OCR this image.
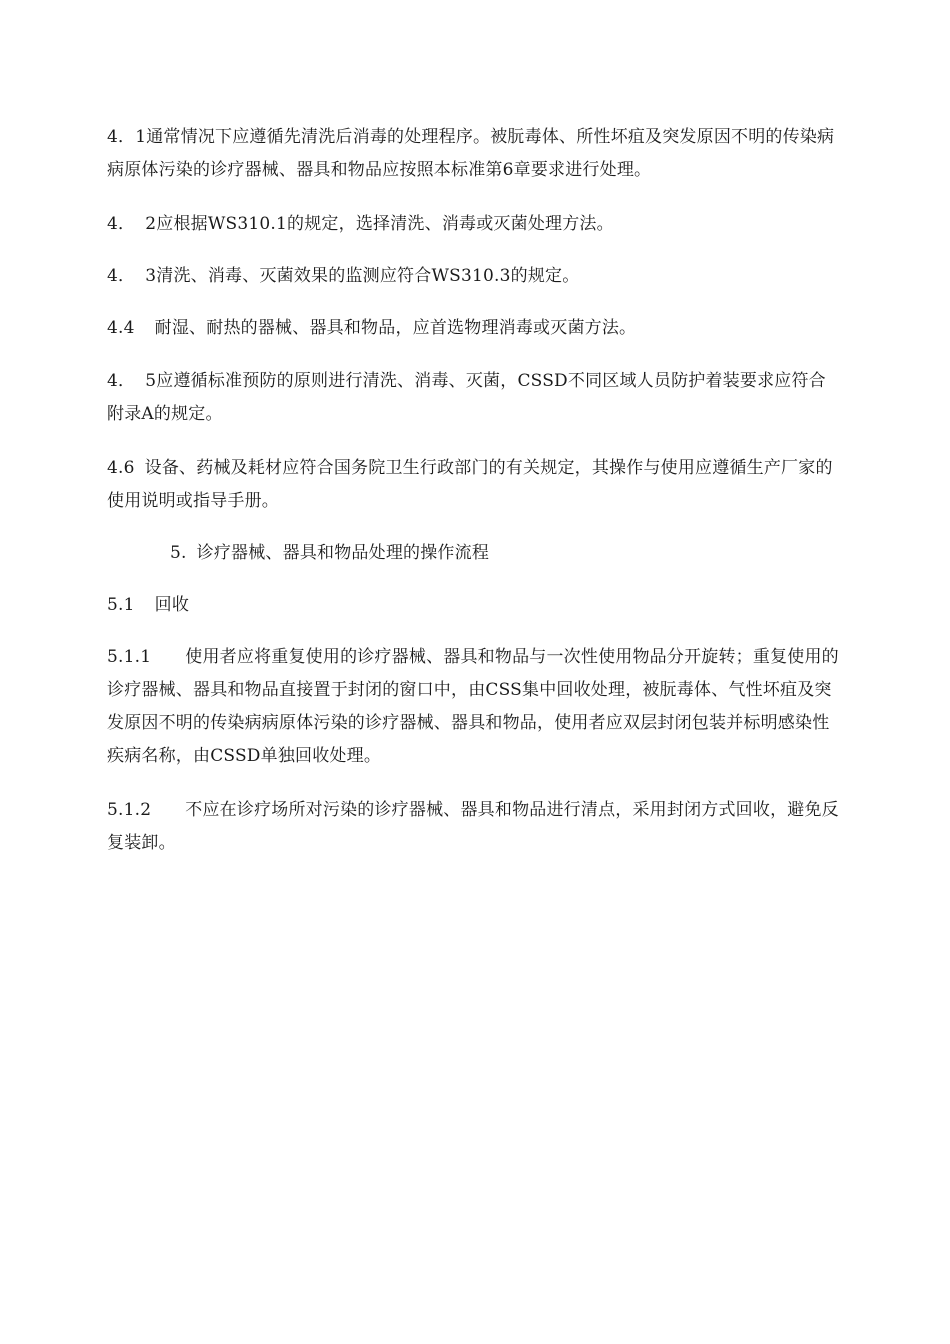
4．1通常情况下应遵循先清洗后消毒的处理程序。被朊毒体、所性坏疽及突发原因不明的传染病病原体污染的诊疗器械、器具和物品应按照本标准第6章要求进行处理。

4． 2应根据WS310.1的规定，选择清洗、消毒或灭菌处理方法。

4． 3清洗、消毒、灭菌效果的监测应符合WS310.3的规定。

4.4 耐湿、耐热的器械、器具和物品，应首选物理消毒或灭菌方法。

4． 5应遵循标准预防的原则进行清洗、消毒、灭菌，CSSD不同区域人员防护着装要求应符合附录A的规定。

4.6 设备、药械及耗材应符合国务院卫生行政部门的有关规定，其操作与使用应遵循生产厂家的使用说明或指导手册。

5. 诊疗器械、器具和物品处理的操作流程

5.1 回收

5.1.1 使用者应将重复使用的诊疗器械、器具和物品与一次性使用物品分开旋转；重复使用的诊疗器械、器具和物品直接置于封闭的窗口中，由CSS集中回收处理，被朊毒体、气性坏疽及突发原因不明的传染病病原体污染的诊疗器械、器具和物品，使用者应双层封闭包装并标明感染性疾病名称，由CSSD单独回收处理。

5.1.2 不应在诊疗场所对污染的诊疗器械、器具和物品进行清点，采用封闭方式回收，避免反复装卸。
